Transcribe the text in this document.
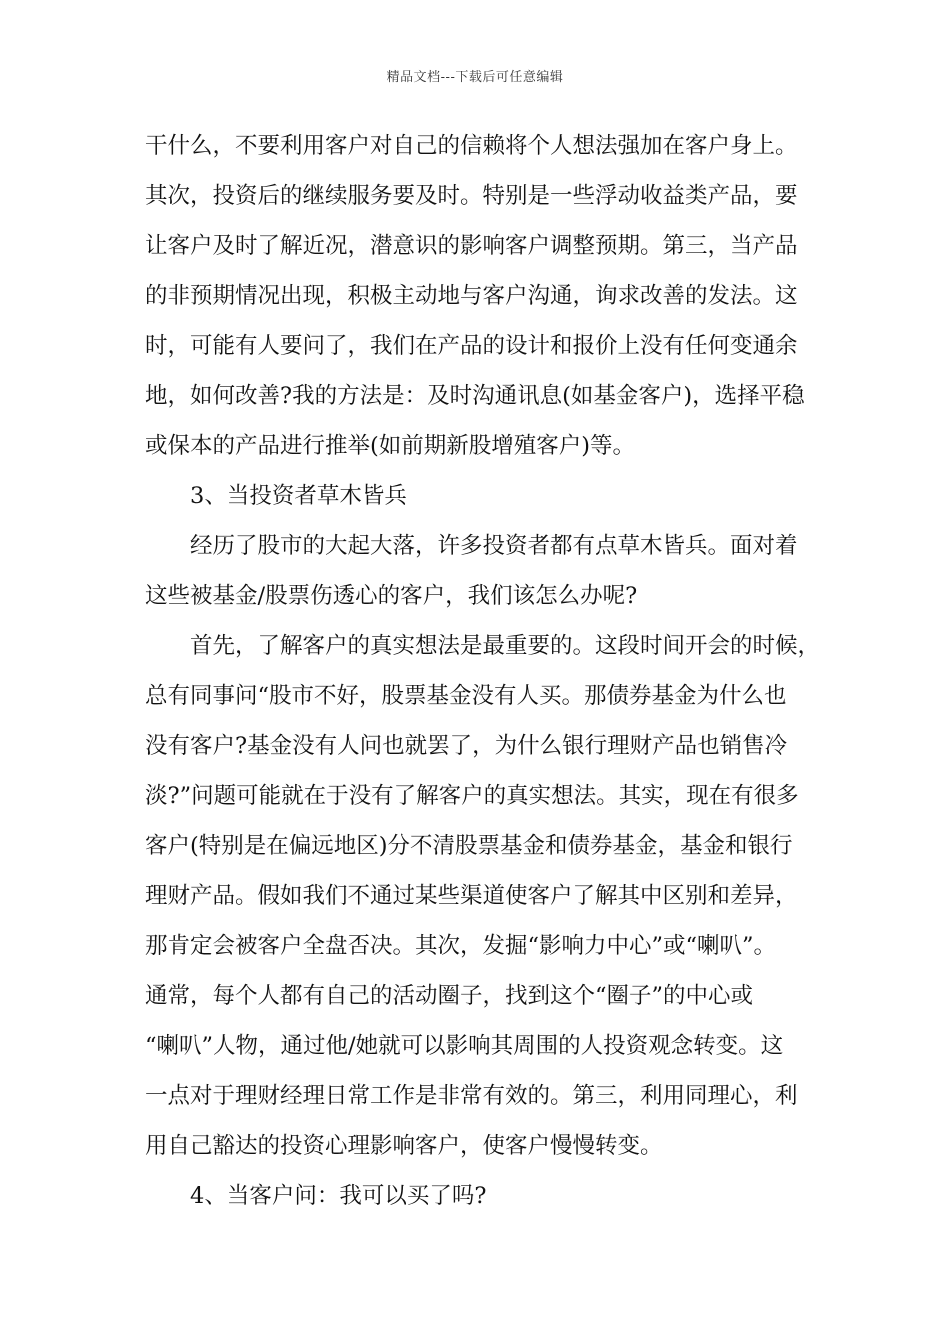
精品文档---下载后可任意编辑
干什么，不要利用客户对自己的信赖将个人想法强加在客户身上。
其次，投资后的继续服务要及时。特别是一些浮动收益类产品，要
让客户及时了解近况，潜意识的影响客户调整预期。第三，当产品
的非预期情况出现，积极主动地与客户沟通，询求改善的发法。这
时，可能有人要问了，我们在产品的设计和报价上没有任何变通余
地，如何改善?我的方法是：及时沟通讯息(如基金客户)，选择平稳
或保本的产品进行推举(如前期新股增殖客户)等。
3、当投资者草木皆兵
经历了股市的大起大落，许多投资者都有点草木皆兵。面对着
这些被基金/股票伤透心的客户，我们该怎么办呢?
首先，了解客户的真实想法是最重要的。这段时间开会的时候，
总有同事问“股市不好，股票基金没有人买。那债券基金为什么也
没有客户?基金没有人问也就罢了，为什么银行理财产品也销售冷
淡?”问题可能就在于没有了解客户的真实想法。其实，现在有很多
客户(特别是在偏远地区)分不清股票基金和债券基金，基金和银行
理财产品。假如我们不通过某些渠道使客户了解其中区别和差异，
那肯定会被客户全盘否决。其次，发掘“影响力中心”或“喇叭”。
通常，每个人都有自己的活动圈子，找到这个“圈子”的中心或
“喇叭”人物，通过他/她就可以影响其周围的人投资观念转变。这
一点对于理财经理日常工作是非常有效的。第三，利用同理心，利
用自己豁达的投资心理影响客户，使客户慢慢转变。
4、当客户问：我可以买了吗?
